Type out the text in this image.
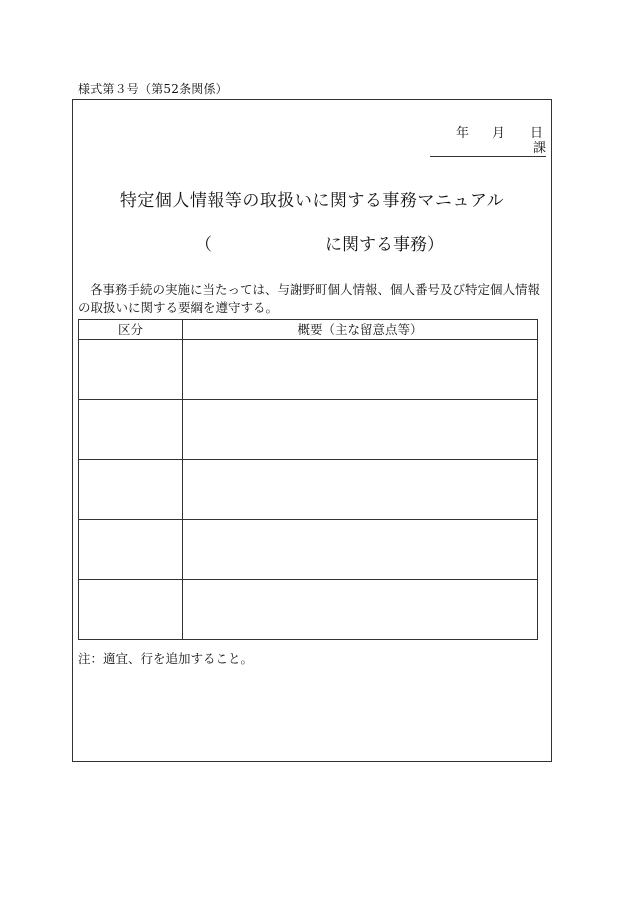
様式第３号（第52条関係）
年 月 日
課
特定個人情報等の取扱いに関する事務マニュアル
（	に関する事務）
各事務手続の実施に当たっては、与謝野町個人情報、個人番号及び特定個人情報の取扱いに関する要綱を遵守する。
区分	概要（主な留意点等）

注：適宜、行を追加すること。
